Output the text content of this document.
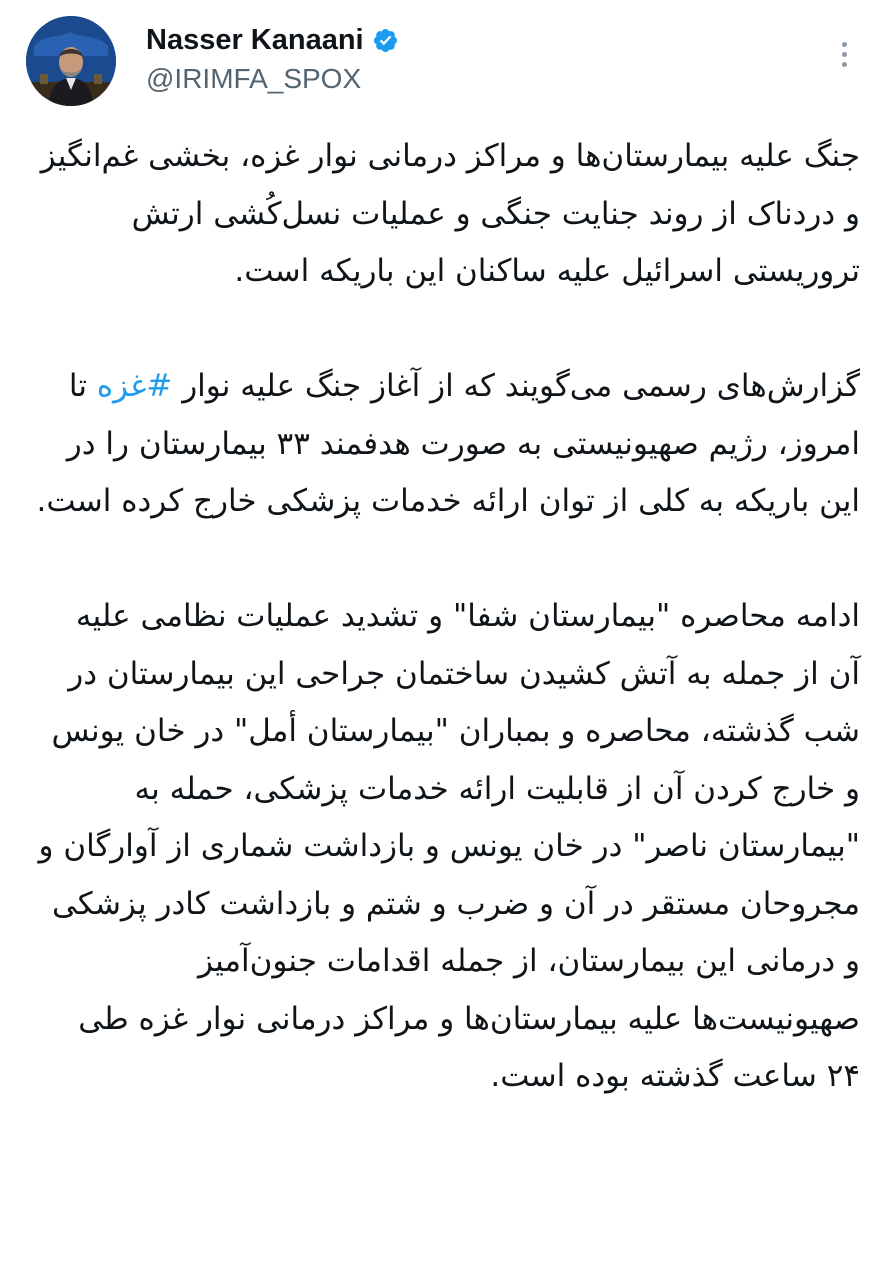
Nasser Kanaani
@IRIMFA_SPOX

جنگ علیه بیمارستان‌ها و مراکز درمانی نوار غزه، بخشی غم‌انگیز و دردناک از روند جنایت جنگی و عملیات نسل‌کُشی ارتش تروریستی اسرائیل علیه ساکنان این باریکه است.

گزارش‌های رسمی می‌گویند که از آغاز جنگ علیه نوار #غزه تا امروز، رژیم صهیونیستی به صورت هدفمند ۳۳ بیمارستان را در این باریکه به کلی از توان ارائه خدمات پزشکی خارج کرده است.

ادامه محاصره "بیمارستان شفا" و تشدید عملیات نظامی علیه آن از جمله به آتش کشیدن ساختمان جراحی این بیمارستان در شب گذشته، محاصره و بمباران "بیمارستان أمل" در خان یونس و خارج کردن آن از قابلیت ارائه خدمات پزشکی، حمله به "بیمارستان ناصر" در خان یونس و بازداشت شماری از آوارگان و مجروحان مستقر در آن و ضرب و شتم و بازداشت کادر پزشکی و درمانی این بیمارستان، از جمله اقدامات جنون‌آمیز صهیونیست‌ها علیه بیمارستان‌ها و مراکز درمانی نوار غزه طی ۲۴ ساعت گذشته بوده است.
